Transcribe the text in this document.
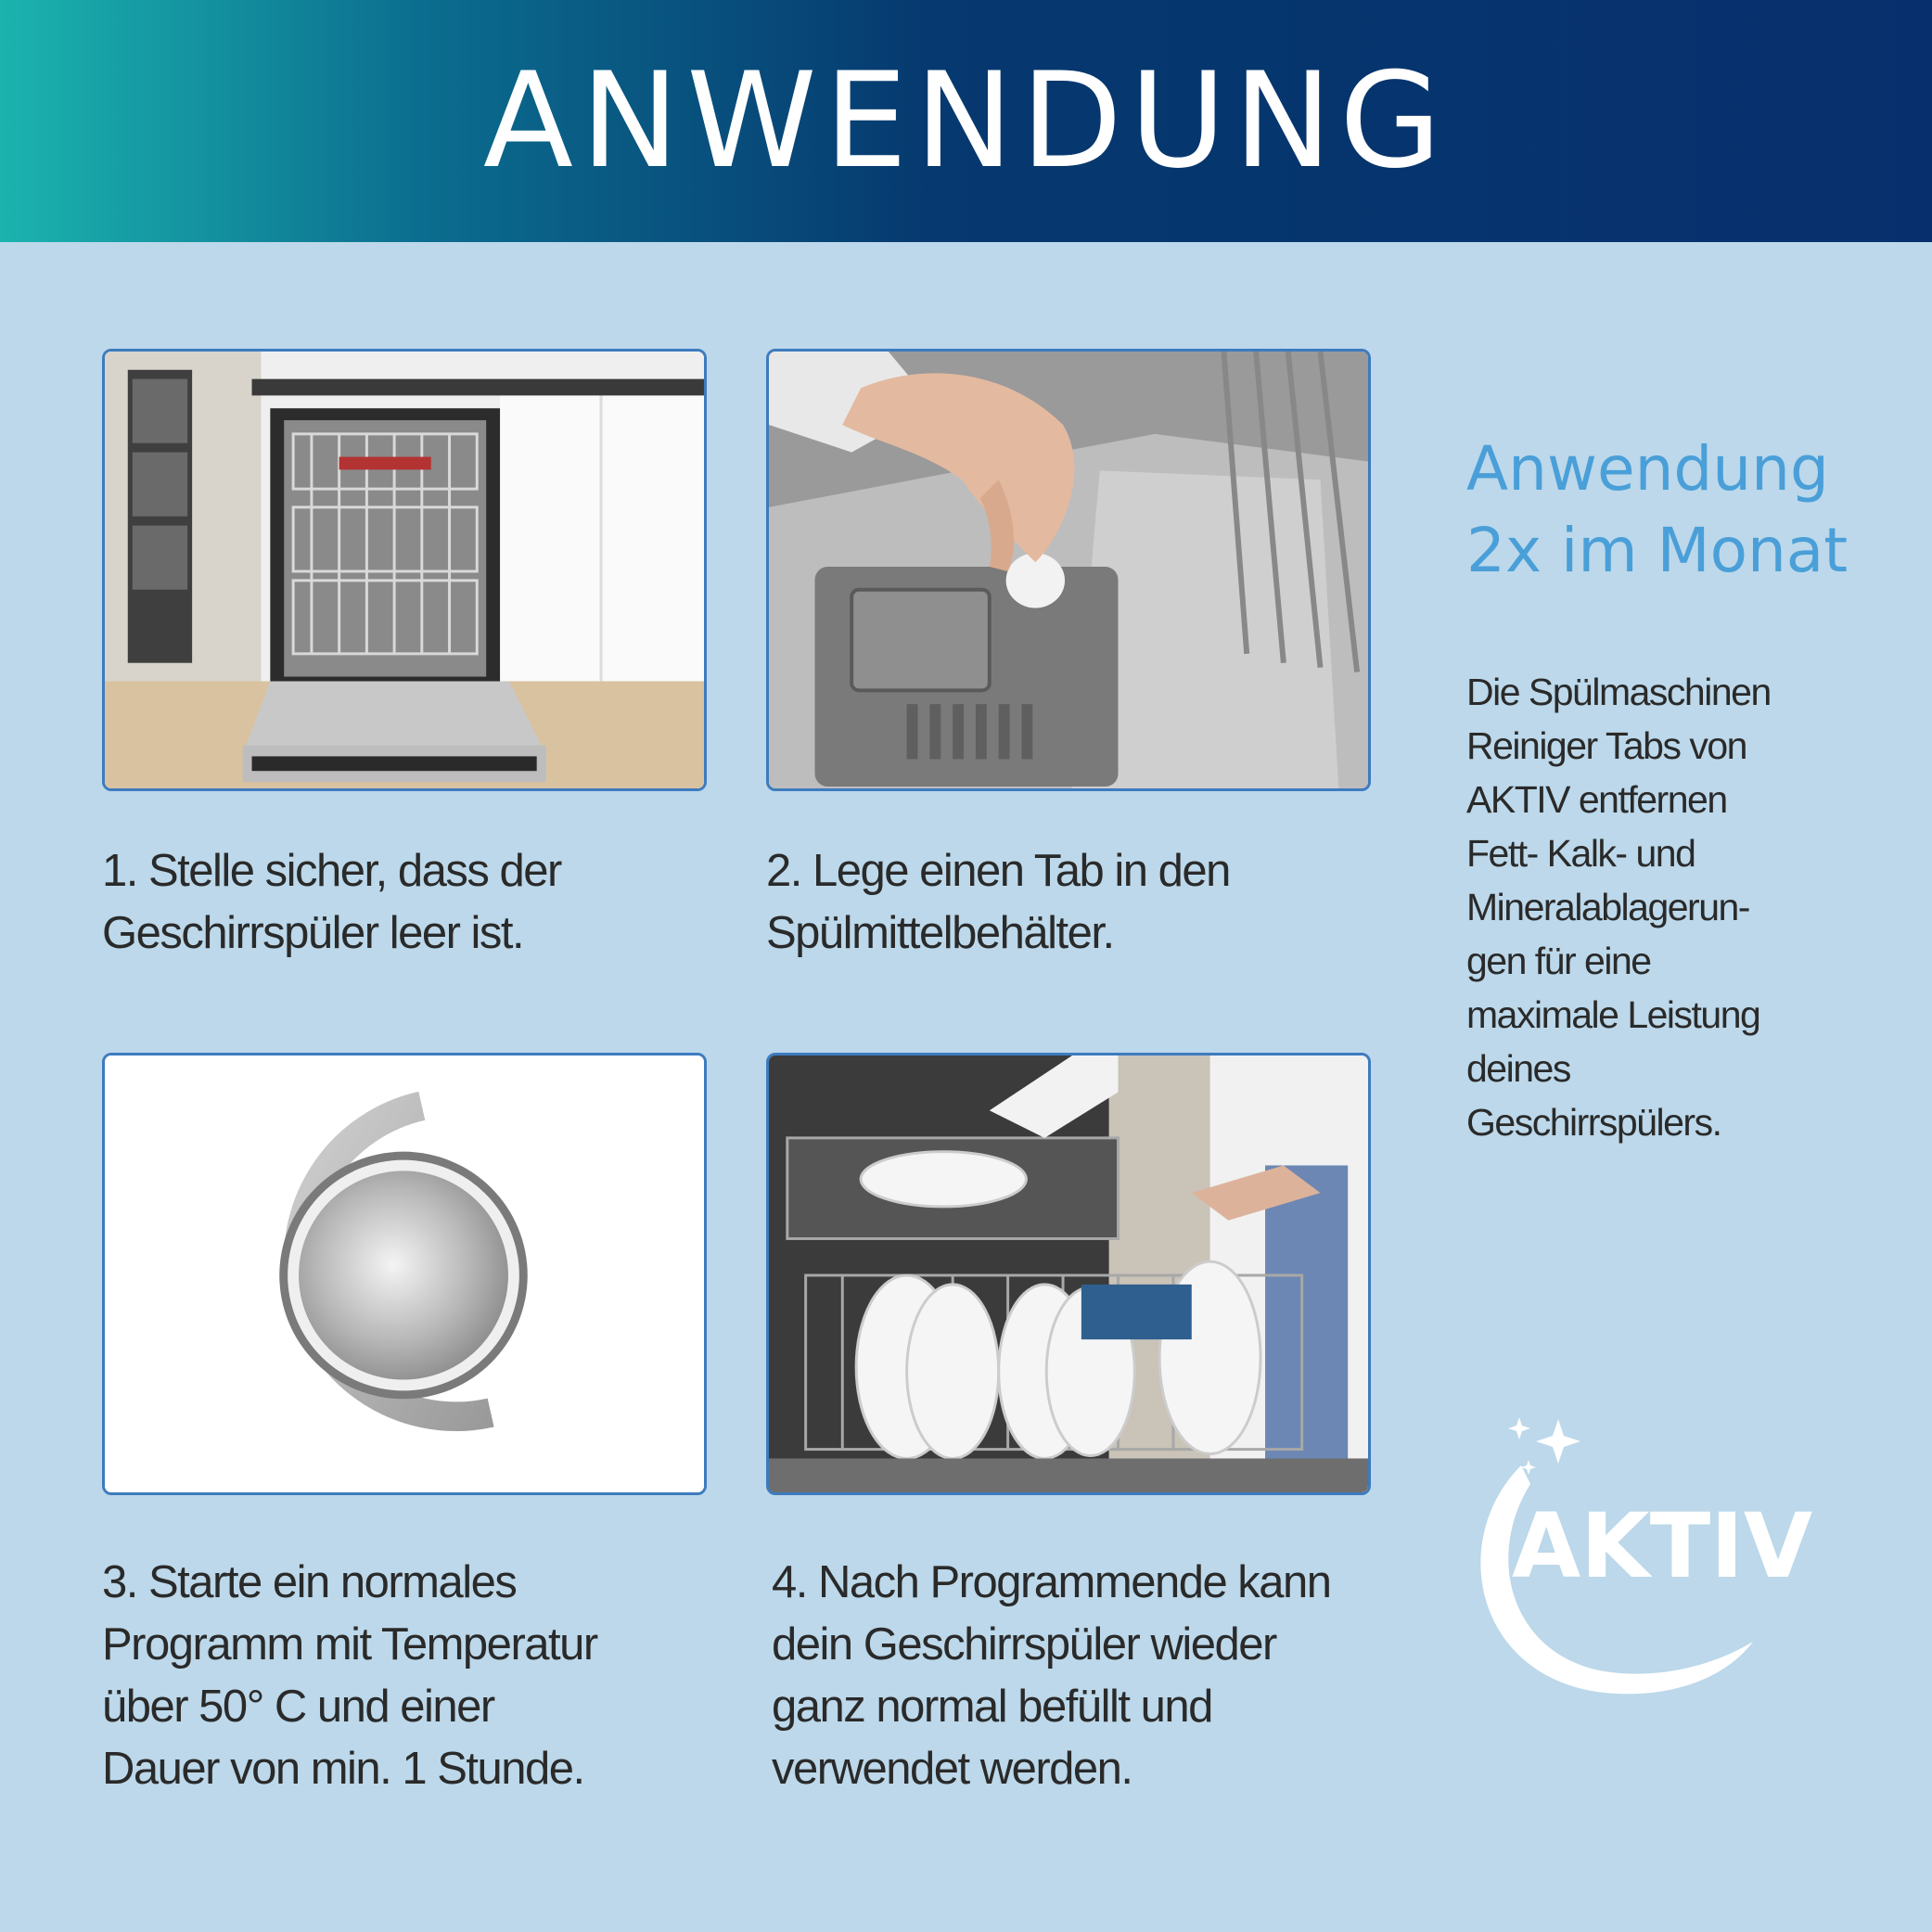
ANWENDUNG
1. Stelle sicher, dass der
Geschirrspüler leer ist.
2. Lege einen Tab in den
Spülmittelbehälter.
3. Starte ein normales
Programm mit Temperatur
über 50° C und einer
Dauer von min. 1 Stunde.
4. Nach Programmende kann
dein Geschirrspüler wieder
ganz normal befüllt und
verwendet werden.
Anwendung
2x im Monat
Die Spülmaschinen
Reiniger Tabs von
AKTIV entfernen
Fett- Kalk- und
Mineralablagerun-
gen für eine
maximale Leistung
deines
Geschirrspülers.
AKTIV
